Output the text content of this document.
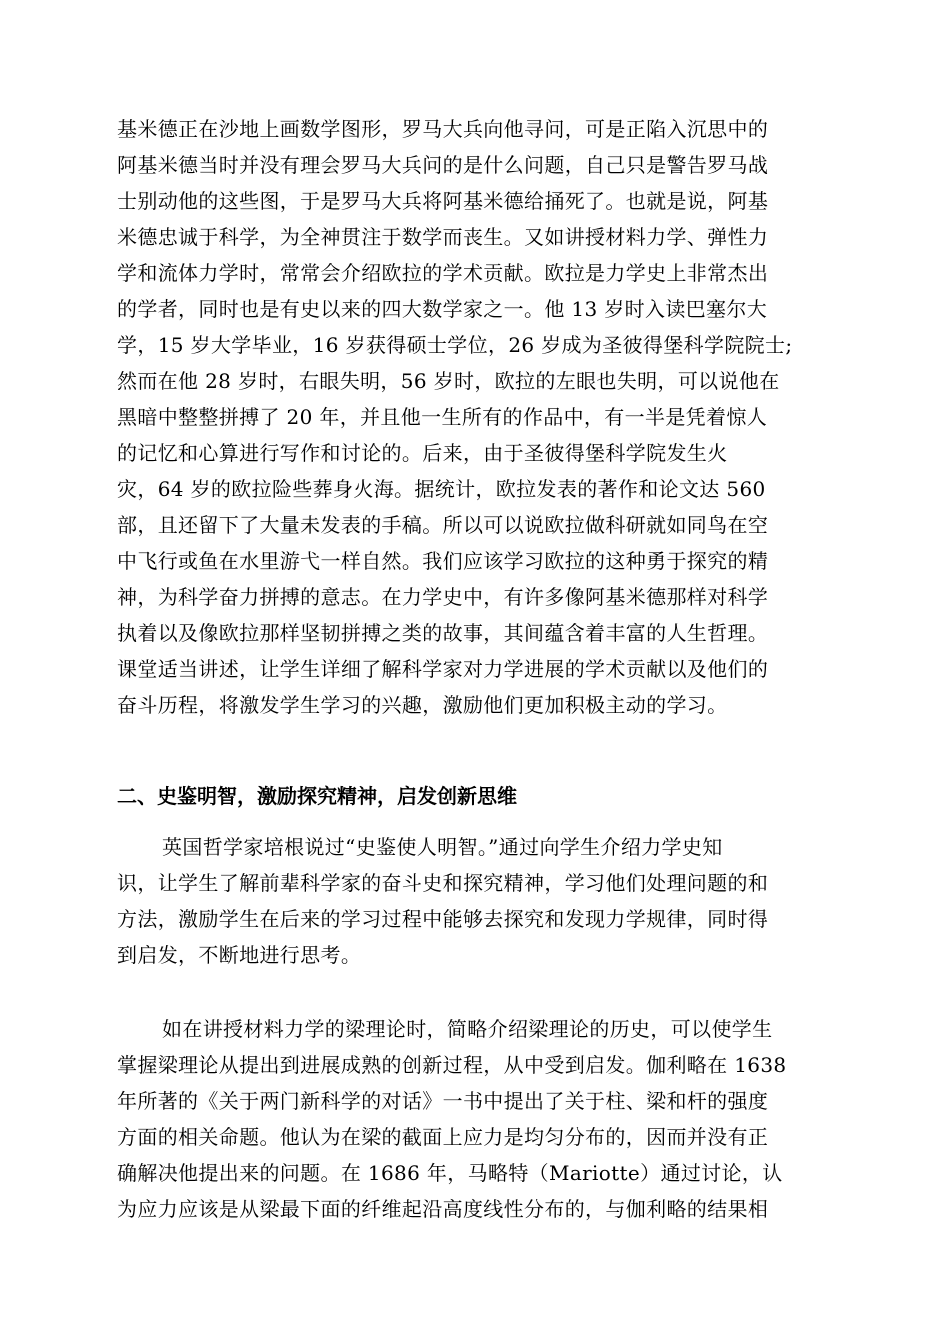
基米德正在沙地上画数学图形，罗马大兵向他寻问，可是正陷入沉思中的
阿基米德当时并没有理会罗马大兵问的是什么问题，自己只是警告罗马战
士别动他的这些图，于是罗马大兵将阿基米德给捅死了。也就是说，阿基
米德忠诚于科学，为全神贯注于数学而丧生。又如讲授材料力学、弹性力
学和流体力学时，常常会介绍欧拉的学术贡献。欧拉是力学史上非常杰出
的学者，同时也是有史以来的四大数学家之一。他 13 岁时入读巴塞尔大
学，15 岁大学毕业，16 岁获得硕士学位，26 岁成为圣彼得堡科学院院士;
然而在他 28 岁时，右眼失明，56 岁时，欧拉的左眼也失明，可以说他在
黑暗中整整拼搏了 20 年，并且他一生所有的作品中，有一半是凭着惊人
的记忆和心算进行写作和讨论的。后来，由于圣彼得堡科学院发生火
灾，64 岁的欧拉险些葬身火海。据统计，欧拉发表的著作和论文达 560
部，且还留下了大量未发表的手稿。所以可以说欧拉做科研就如同鸟在空
中飞行或鱼在水里游弋一样自然。我们应该学习欧拉的这种勇于探究的精
神，为科学奋力拼搏的意志。在力学史中，有许多像阿基米德那样对科学
执着以及像欧拉那样坚韧拼搏之类的故事，其间蕴含着丰富的人生哲理。
课堂适当讲述，让学生详细了解科学家对力学进展的学术贡献以及他们的
奋斗历程，将激发学生学习的兴趣，激励他们更加积极主动的学习。
二、史鉴明智，激励探究精神，启发创新思维
英国哲学家培根说过“史鉴使人明智。”通过向学生介绍力学史知
识，让学生了解前辈科学家的奋斗史和探究精神，学习他们处理问题的和
方法，激励学生在后来的学习过程中能够去探究和发现力学规律，同时得
到启发，不断地进行思考。
如在讲授材料力学的梁理论时，简略介绍梁理论的历史，可以使学生
掌握梁理论从提出到进展成熟的创新过程，从中受到启发。伽利略在 1638
年所著的《关于两门新科学的对话》一书中提出了关于柱、梁和杆的强度
方面的相关命题。他认为在梁的截面上应力是均匀分布的，因而并没有正
确解决他提出来的问题。在 1686 年，马略特（Mariotte）通过讨论，认
为应力应该是从梁最下面的纤维起沿高度线性分布的，与伽利略的结果相
